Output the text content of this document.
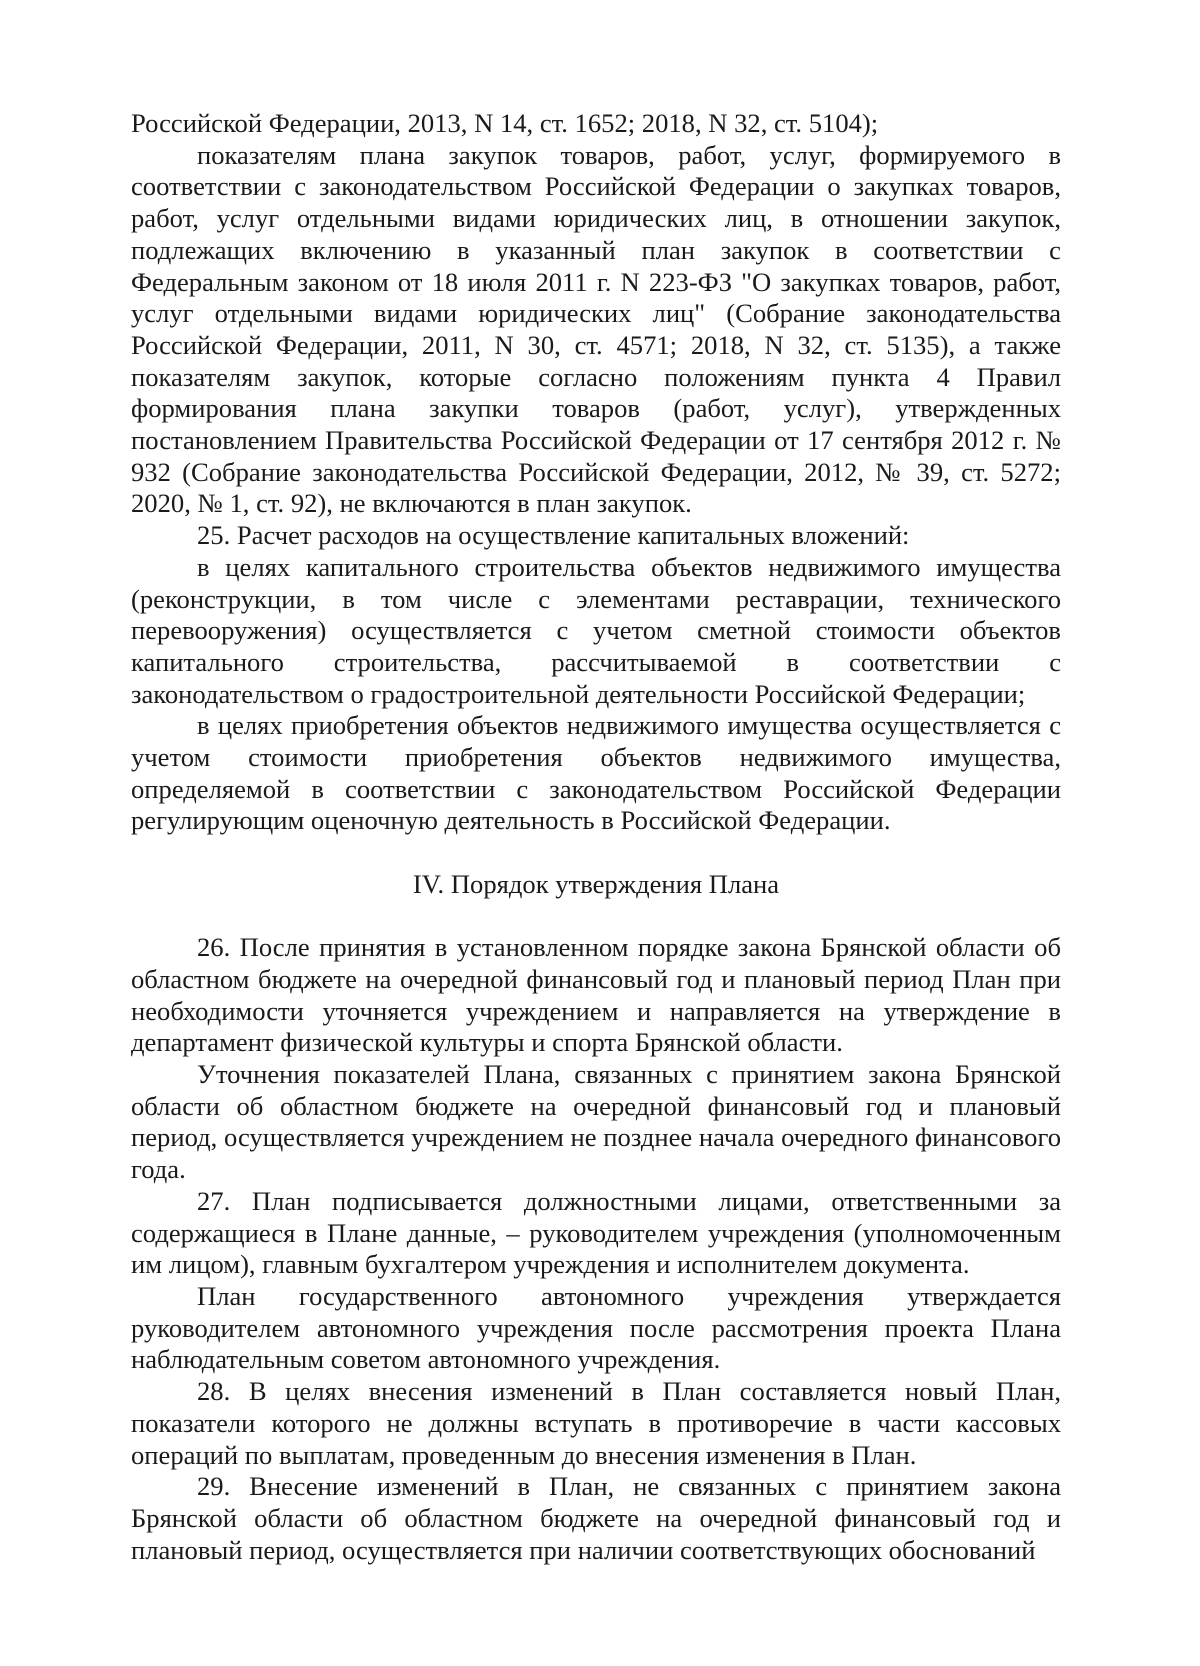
Российской Федерации, 2013, N 14, ст. 1652; 2018, N 32, ст. 5104);

показателям плана закупок товаров, работ, услуг, формируемого в соответствии с законодательством Российской Федерации о закупках товаров, работ, услуг отдельными видами юридических лиц, в отношении закупок, подлежащих включению в указанный план закупок в соответствии с Федеральным законом от 18 июля 2011 г. N 223-ФЗ "О закупках товаров, работ, услуг отдельными видами юридических лиц" (Собрание законодательства Российской Федерации, 2011, N 30, ст. 4571; 2018, N 32, ст. 5135), а также показателям закупок, которые согласно положениям пункта 4 Правил формирования плана закупки товаров (работ, услуг), утвержденных постановлением Правительства Российской Федерации от 17 сентября 2012 г. № 932 (Собрание законодательства Российской Федерации, 2012, № 39, ст. 5272; 2020, № 1, ст. 92), не включаются в план закупок.

25. Расчет расходов на осуществление капитальных вложений:

в целях капитального строительства объектов недвижимого имущества (реконструкции, в том числе с элементами реставрации, технического перевооружения) осуществляется с учетом сметной стоимости объектов капитального строительства, рассчитываемой в соответствии с законодательством о градостроительной деятельности Российской Федерации;

в целях приобретения объектов недвижимого имущества осуществляется с учетом стоимости приобретения объектов недвижимого имущества, определяемой в соответствии с законодательством Российской Федерации регулирующим оценочную деятельность в Российской Федерации.

IV. Порядок утверждения Плана

26. После принятия в установленном порядке закона Брянской области об областном бюджете на очередной финансовый год и плановый период План при необходимости уточняется учреждением и направляется на утверждение в департамент физической культуры и спорта Брянской области.

Уточнения показателей Плана, связанных с принятием закона Брянской области об областном бюджете на очередной финансовый год и плановый период, осуществляется учреждением не позднее начала очередного финансового года.

27. План подписывается должностными лицами, ответственными за содержащиеся в Плане данные, – руководителем учреждения (уполномоченным им лицом), главным бухгалтером учреждения и исполнителем документа.

План государственного автономного учреждения утверждается руководителем автономного учреждения после рассмотрения проекта Плана наблюдательным советом автономного учреждения.

28. В целях внесения изменений в План составляется новый План, показатели которого не должны вступать в противоречие в части кассовых операций по выплатам, проведенным до внесения изменения в План.

29. Внесение изменений в План, не связанных с принятием закона Брянской области об областном бюджете на очередной финансовый год и плановый период, осуществляется при наличии соответствующих обоснований
